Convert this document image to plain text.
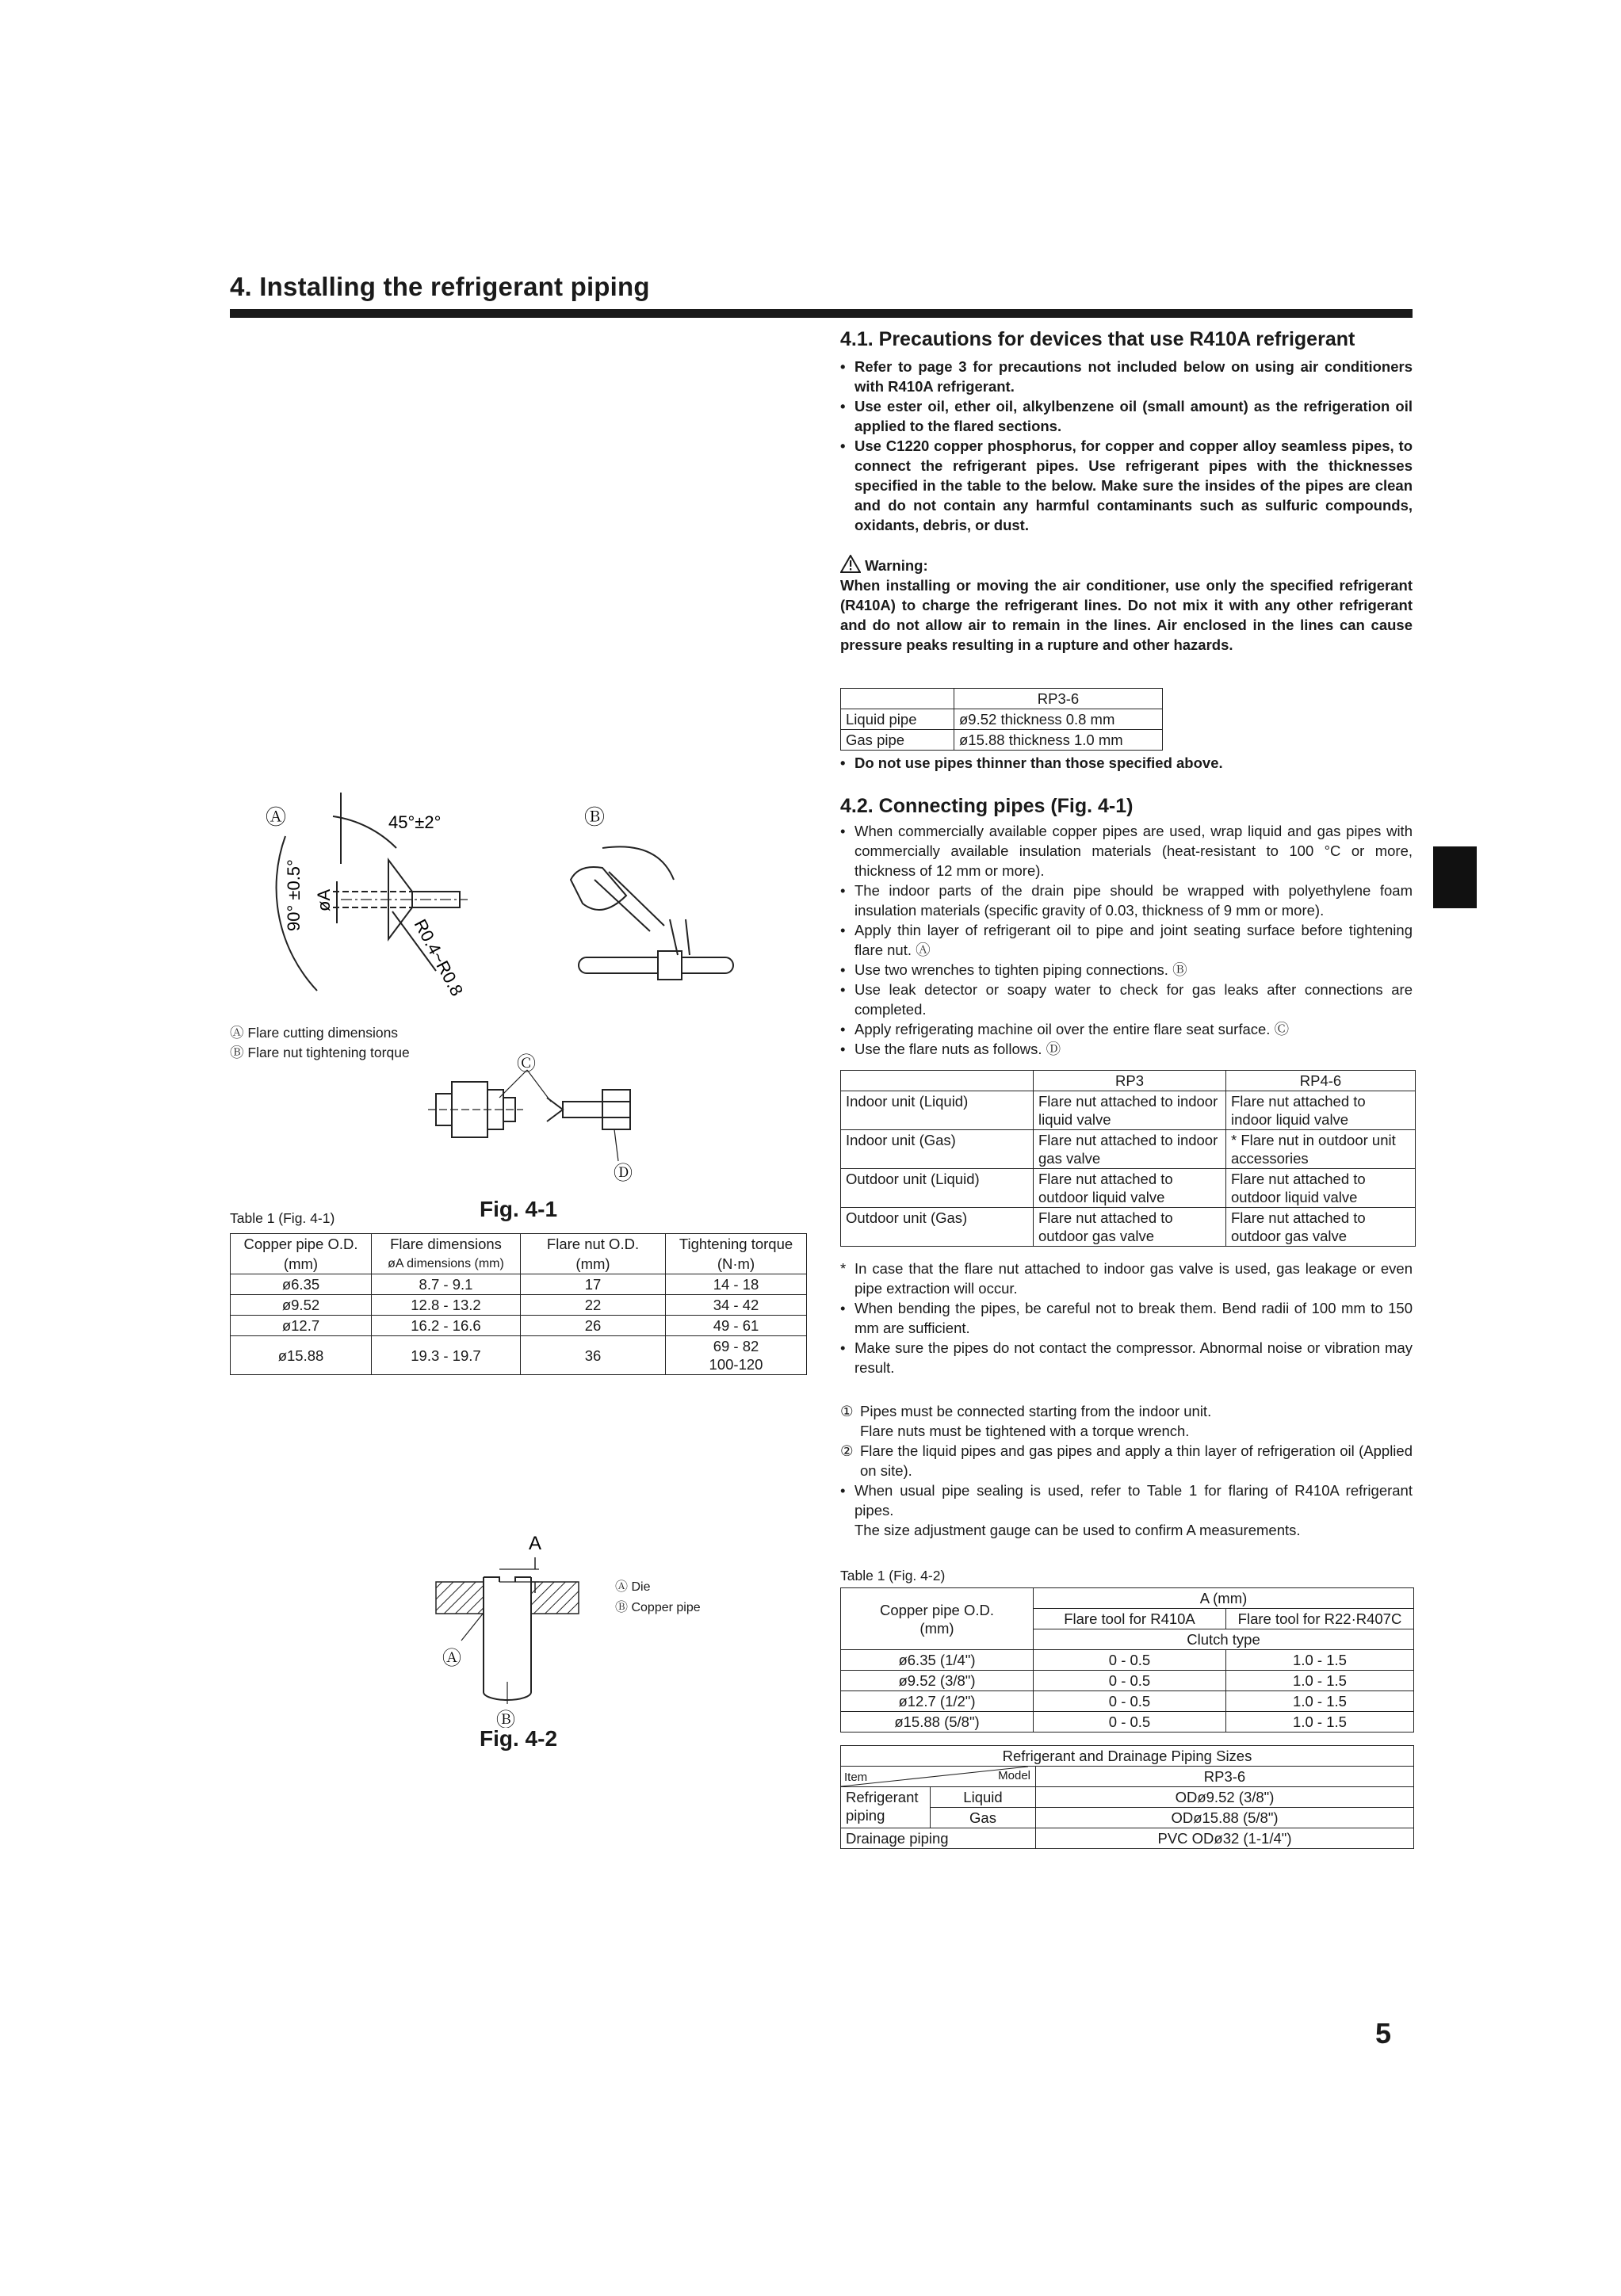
4. Installing the refrigerant piping
4.1. Precautions for devices that use R410A refrigerant
• Refer to page 3 for precautions not included below on using air conditioners with R410A refrigerant.
• Use ester oil, ether oil, alkylbenzene oil (small amount) as the refrigeration oil applied to the flared sections.
• Use C1220 copper phosphorus, for copper and copper alloy seamless pipes, to connect the refrigerant pipes. Use refrigerant pipes with the thicknesses specified in the table to the below. Make sure the insides of the pipes are clean and do not contain any harmful contaminants such as sulfuric compounds, oxidants, debris, or dust.
Warning:
When installing or moving the air conditioner, use only the specified refrigerant (R410A) to charge the refrigerant lines. Do not mix it with any other refrigerant and do not allow air to remain in the lines. Air enclosed in the lines can cause pressure peaks resulting in a rupture and other hazards.
	RP3-6
Liquid pipe	ø9.52 thickness 0.8 mm
Gas pipe	ø15.88 thickness 1.0 mm
• Do not use pipes thinner than those specified above.
4.2. Connecting pipes (Fig. 4-1)
• When commercially available copper pipes are used, wrap liquid and gas pipes with commercially available insulation materials (heat-resistant to 100 °C or more, thickness of 12 mm or more).
• The indoor parts of the drain pipe should be wrapped with polyethylene foam insulation materials (specific gravity of 0.03, thickness of 9 mm or more).
• Apply thin layer of refrigerant oil to pipe and joint seating surface before tightening flare nut. Ⓐ
• Use two wrenches to tighten piping connections. Ⓑ
• Use leak detector or soapy water to check for gas leaks after connections are completed.
• Apply refrigerating machine oil over the entire flare seat surface. Ⓒ
• Use the flare nuts as follows. Ⓓ
	RP3	RP4-6
Indoor unit (Liquid)	Flare nut attached to indoor liquid valve	Flare nut attached to indoor liquid valve
Indoor unit (Gas)	Flare nut attached to indoor gas valve	* Flare nut in outdoor unit accessories
Outdoor unit (Liquid)	Flare nut attached to outdoor liquid valve	Flare nut attached to outdoor liquid valve
Outdoor unit (Gas)	Flare nut attached to outdoor gas valve	Flare nut attached to outdoor gas valve
* In case that the flare nut attached to indoor gas valve is used, gas leakage or even pipe extraction will occur.
• When bending the pipes, be careful not to break them. Bend radii of 100 mm to 150 mm are sufficient.
• Make sure the pipes do not contact the compressor. Abnormal noise or vibration may result.
① Pipes must be connected starting from the indoor unit.
Flare nuts must be tightened with a torque wrench.
② Flare the liquid pipes and gas pipes and apply a thin layer of refrigeration oil (Applied on site).
• When usual pipe sealing is used, refer to Table 1 for flaring of R410A refrigerant pipes.
The size adjustment gauge can be used to confirm A measurements.
Table 1 (Fig. 4-2)
Copper pipe O.D.
(mm)	A (mm)	
	Flare tool for R410A	Flare tool for R22·R407C
	Clutch type	
ø6.35 (1/4")	0 - 0.5	1.0 - 1.5
ø9.52 (3/8")	0 - 0.5	1.0 - 1.5
ø12.7 (1/2")	0 - 0.5	1.0 - 1.5
ø15.88 (5/8")	0 - 0.5	1.0 - 1.5
Refrigerant and Drainage Piping Sizes		

Item Model		RP3-6

Refrigerant
piping	Liquid	ODø9.52 (3/8")
	Gas	ODø15.88 (5/8")
Drainage piping		PVC ODø32 (1-1/4")
Ⓐ	Ⓑ
45°±2°
90° ±0.5° øA
R0.4~R0.8
Ⓒ
Ⓓ
Ⓐ Flare cutting dimensions
Ⓑ Flare nut tightening torque
Fig. 4-1
Table 1 (Fig. 4-1)
Copper pipe O.D.	Flare dimensions	Flare nut O.D.	Tightening torque
(mm)	øA dimensions (mm)	(mm)	(N·m)
ø6.35	8.7 - 9.1	17	14 - 18
ø9.52	12.8 - 13.2	22	34 - 42
ø12.7	16.2 - 16.6	26	49 - 61
ø15.88	19.3 - 19.7	36	69 - 82
100-120
A
Ⓐ
Ⓑ
Ⓐ Die
Ⓑ Copper pipe
Fig. 4-2
5
